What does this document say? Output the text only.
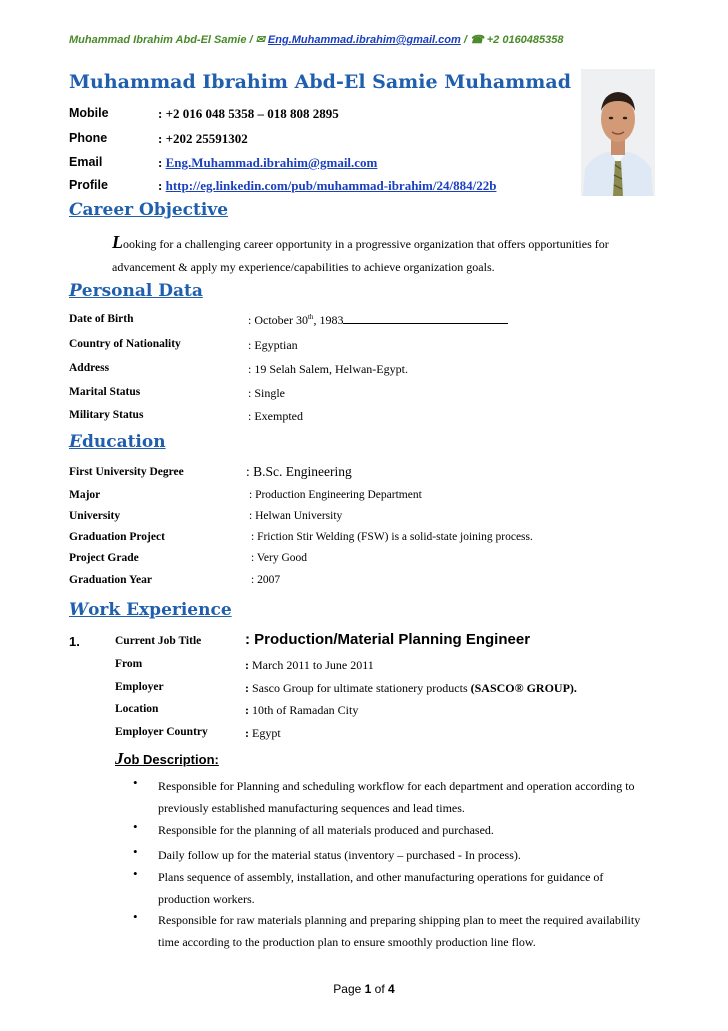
Muhammad Ibrahim Abd-El Samie / ✉ Eng.Muhammad.ibrahim@gmail.com / ☎ +2 0160485358
Muhammad Ibrahim Abd-El Samie Muhammad
Mobile	: +2 016 048 5358 – 018 808 2895
Phone	: +202 25591302
Email	: Eng.Muhammad.ibrahim@gmail.com
Profile	: http://eg.linkedin.com/pub/muhammad-ibrahim/24/884/22b
Career Objective
Looking for a challenging career opportunity in a progressive organization that offers opportunities for
advancement & apply my experience/capabilities to achieve organization goals.
Personal Data
Date of Birth	: October 30th, 1983
Country of Nationality	: Egyptian
Address	: 19 Selah Salem, Helwan-Egypt.
Marital Status	: Single
Military Status	: Exempted
Education
First University Degree	: B.Sc. Engineering
Major	: Production Engineering Department
University	: Helwan University
Graduation Project	: Friction Stir Welding (FSW) is a solid-state joining process.
Project Grade	: Very Good
Graduation Year	: 2007
Work Experience
1.	Current Job Title	: Production/Material Planning Engineer
From	: March 2011 to June 2011
Employer	: Sasco Group for ultimate stationery products (SASCO® GROUP).
Location	: 10th of Ramadan City
Employer Country	: Egypt
Job Description:
• Responsible for Planning and scheduling workflow for each department and operation according to
previously established manufacturing sequences and lead times.
• Responsible for the planning of all materials produced and purchased.
• Daily follow up for the material status (inventory – purchased - In process).
• Plans sequence of assembly, installation, and other manufacturing operations for guidance of
production workers.
• Responsible for raw materials planning and preparing shipping plan to meet the required availability
time according to the production plan to ensure smoothly production line flow.
Page 1 of 4
